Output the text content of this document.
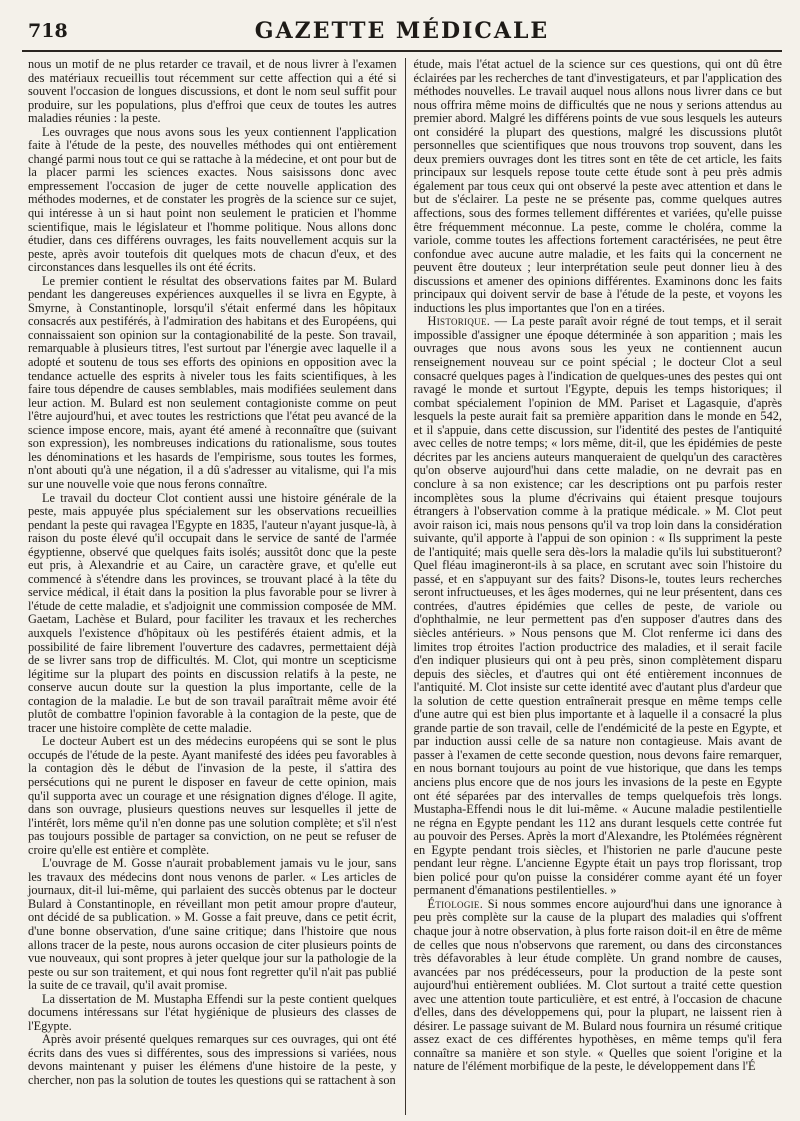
718	GAZETTE MÉDICALE

nous un motif de ne plus retarder ce travail, et de nous livrer à l'examen des matériaux recueillis tout récemment sur cette affection qui a été si souvent l'occasion de longues discussions, et dont le nom seul suffit pour produire, sur les populations, plus d'effroi que ceux de toutes les autres maladies réunies : la peste.

Les ouvrages que nous avons sous les yeux contiennent l'application faite à l'étude de la peste, des nouvelles méthodes qui ont entièrement changé parmi nous tout ce qui se rattache à la médecine, et ont pour but de la placer parmi les sciences exactes. Nous saisissons donc avec empressement l'occasion de juger de cette nouvelle application des méthodes modernes, et de constater les progrès de la science sur ce sujet, qui intéresse à un si haut point non seulement le praticien et l'homme scientifique, mais le législateur et l'homme politique. Nous allons donc étudier, dans ces différens ouvrages, les faits nouvellement acquis sur la peste, après avoir toutefois dit quelques mots de chacun d'eux, et des circonstances dans lesquelles ils ont été écrits.

Le premier contient le résultat des observations faites par M. Bulard pendant les dangereuses expériences auxquelles il se livra en Egypte, à Smyrne, à Constantinople, lorsqu'il s'était enfermé dans les hôpitaux consacrés aux pestiférés, à l'admiration des habitans et des Européens, qui connaissaient son opinion sur la contagionabilité de la peste. Son travail, remarquable à plusieurs titres, l'est surtout par l'énergie avec laquelle il a adopté et soutenu de tous ses efforts des opinions en opposition avec la tendance actuelle des esprits à niveler tous les faits scientifiques, à les faire tous dépendre de causes semblables, mais modifiées seulement dans leur action. M. Bulard est non seulement contagioniste comme on peut l'être aujourd'hui, et avec toutes les restrictions que l'état peu avancé de la science impose encore, mais, ayant été amené à reconnaître que (suivant son expression), les nombreuses indications du rationalisme, sous toutes les dénominations et les hasards de l'empirisme, sous toutes les formes, n'ont abouti qu'à une négation, il a dû s'adresser au vitalisme, qui l'a mis sur une nouvelle voie que nous ferons connaître.

Le travail du docteur Clot contient aussi une histoire générale de la peste, mais appuyée plus spécialement sur les observations recueillies pendant la peste qui ravagea l'Egypte en 1835, l'auteur n'ayant jusque-là, à raison du poste élevé qu'il occupait dans le service de santé de l'armée égyptienne, observé que quelques faits isolés; aussitôt donc que la peste eut pris, à Alexandrie et au Caire, un caractère grave, et qu'elle eut commencé à s'étendre dans les provinces, se trouvant placé à la tête du service médical, il était dans la position la plus favorable pour se livrer à l'étude de cette maladie, et s'adjoignit une commission composée de MM. Gaetam, Lachèse et Bulard, pour faciliter les travaux et les recherches auxquels l'existence d'hôpitaux où les pestiférés étaient admis, et la possibilité de faire librement l'ouverture des cadavres, permettaient déjà de se livrer sans trop de difficultés. M. Clot, qui montre un scepticisme légitime sur la plupart des points en discussion relatifs à la peste, ne conserve aucun doute sur la question la plus importante, celle de la contagion de la maladie. Le but de son travail paraîtrait même avoir été plutôt de combattre l'opinion favorable à la contagion de la peste, que de tracer une histoire complète de cette maladie.

Le docteur Aubert est un des médecins européens qui se sont le plus occupés de l'étude de la peste. Ayant manifesté des idées peu favorables à la contagion dès le début de l'invasion de la peste, il s'attira des persécutions qui ne purent le disposer en faveur de cette opinion, mais qu'il supporta avec un courage et une résignation dignes d'éloge. Il agite, dans son ouvrage, plusieurs questions neuves sur lesquelles il jette de l'intérêt, lors même qu'il n'en donne pas une solution complète; et s'il n'est pas toujours possible de partager sa conviction, on ne peut se refuser de croire qu'elle est entière et complète.

L'ouvrage de M. Gosse n'aurait probablement jamais vu le jour, sans les travaux des médecins dont nous venons de parler. « Les articles de journaux, dit-il lui-même, qui parlaient des succès obtenus par le docteur Bulard à Constantinople, en réveillant mon petit amour propre d'auteur, ont décidé de sa publication. » M. Gosse a fait preuve, dans ce petit écrit, d'une bonne observation, d'une saine critique; dans l'histoire que nous allons tracer de la peste, nous aurons occasion de citer plusieurs points de vue nouveaux, qui sont propres à jeter quelque jour sur la pathologie de la peste ou sur son traitement, et qui nous font regretter qu'il n'ait pas publié la suite de ce travail, qu'il avait promise.

La dissertation de M. Mustapha Effendi sur la peste contient quelques documens intéressans sur l'état hygiénique de plusieurs des classes de l'Egypte.

Après avoir présenté quelques remarques sur ces ouvrages, qui ont été écrits dans des vues si différentes, sous des impressions si variées, nous devons maintenant y puiser les élémens d'une histoire de la peste, y chercher, non pas la solution de toutes les questions qui se rattachent à son

étude, mais l'état actuel de la science sur ces questions, qui ont dû être éclairées par les recherches de tant d'investigateurs, et par l'application des méthodes nouvelles. Le travail auquel nous allons nous livrer dans ce but nous offrira même moins de difficultés que ne nous y serions attendus au premier abord. Malgré les différens points de vue sous lesquels les auteurs ont considéré la plupart des questions, malgré les discussions plutôt personnelles que scientifiques que nous trouvons trop souvent, dans les deux premiers ouvrages dont les titres sont en tête de cet article, les faits principaux sur lesquels repose toute cette étude sont à peu près admis également par tous ceux qui ont observé la peste avec attention et dans le but de s'éclairer. La peste ne se présente pas, comme quelques autres affections, sous des formes tellement différentes et variées, qu'elle puisse être fréquemment méconnue. La peste, comme le choléra, comme la variole, comme toutes les affections fortement caractérisées, ne peut être confondue avec aucune autre maladie, et les faits qui la concernent ne peuvent être douteux ; leur interprétation seule peut donner lieu à des discussions et amener des opinions différentes. Examinons donc les faits principaux qui doivent servir de base à l'étude de la peste, et voyons les inductions les plus importantes que l'on en a tirées.

Historique. — La peste paraît avoir régné de tout temps, et il serait impossible d'assigner une époque déterminée à son apparition ; mais les ouvrages que nous avons sous les yeux ne contiennent aucun renseignement nouveau sur ce point spécial ; le docteur Clot a seul consacré quelques pages à l'indication de quelques-unes des pestes qui ont ravagé le monde et surtout l'Egypte, depuis les temps historiques; il combat spécialement l'opinion de MM. Pariset et Lagasquie, d'après lesquels la peste aurait fait sa première apparition dans le monde en 542, et il s'appuie, dans cette discussion, sur l'identité des pestes de l'antiquité avec celles de notre temps; « lors même, dit-il, que les épidémies de peste décrites par les anciens auteurs manqueraient de quelqu'un des caractères qu'on observe aujourd'hui dans cette maladie, on ne devrait pas en conclure à sa non existence; car les descriptions ont pu parfois rester incomplètes sous la plume d'écrivains qui étaient presque toujours étrangers à l'observation comme à la pratique médicale. » M. Clot peut avoir raison ici, mais nous pensons qu'il va trop loin dans la considération suivante, qu'il apporte à l'appui de son opinion : « Ils suppriment la peste de l'antiquité; mais quelle sera dès-lors la maladie qu'ils lui substitueront? Quel fléau imagineront-ils à sa place, en scrutant avec soin l'histoire du passé, et en s'appuyant sur des faits? Disons-le, toutes leurs recherches seront infructueuses, et les âges modernes, qui ne leur présentent, dans ces contrées, d'autres épidémies que celles de peste, de variole ou d'ophthalmie, ne leur permettent pas d'en supposer d'autres dans des siècles antérieurs. » Nous pensons que M. Clot renferme ici dans des limites trop étroites l'action productrice des maladies, et il serait facile d'en indiquer plusieurs qui ont à peu près, sinon complètement disparu depuis des siècles, et d'autres qui ont été entièrement inconnues de l'antiquité. M. Clot insiste sur cette identité avec d'autant plus d'ardeur que la solution de cette question entraînerait presque en même temps celle d'une autre qui est bien plus importante et à laquelle il a consacré la plus grande partie de son travail, celle de l'endémicité de la peste en Egypte, et par induction aussi celle de sa nature non contagieuse. Mais avant de passer à l'examen de cette seconde question, nous devons faire remarquer, en nous bornant toujours au point de vue historique, que dans les temps anciens plus encore que de nos jours les invasions de la peste en Egypte ont été séparées par des intervalles de temps quelquefois très longs. Mustapha-Effendi nous le dit lui-même. « Aucune maladie pestilentielle ne régna en Egypte pendant les 112 ans durant lesquels cette contrée fut au pouvoir des Perses. Après la mort d'Alexandre, les Ptolémées régnèrent en Egypte pendant trois siècles, et l'historien ne parle d'aucune peste pendant leur règne. L'ancienne Egypte était un pays trop florissant, trop bien policé pour qu'on puisse la considérer comme ayant été un foyer permanent d'émanations pestilentielles. »

Étiologie. Si nous sommes encore aujourd'hui dans une ignorance à peu près complète sur la cause de la plupart des maladies qui s'offrent chaque jour à notre observation, à plus forte raison doit-il en être de même de celles que nous n'observons que rarement, ou dans des circonstances très défavorables à leur étude complète. Un grand nombre de causes, avancées par nos prédécesseurs, pour la production de la peste sont aujourd'hui entièrement oubliées. M. Clot surtout a traité cette question avec une attention toute particulière, et est entré, à l'occasion de chacune d'elles, dans des développemens qui, pour la plupart, ne laissent rien à désirer. Le passage suivant de M. Bulard nous fournira un résumé critique assez exact de ces différentes hypothèses, en même temps qu'il fera connaître sa manière et son style. « Quelles que soient l'origine et la nature de l'élément morbifique de la peste, le développement dans l'É
